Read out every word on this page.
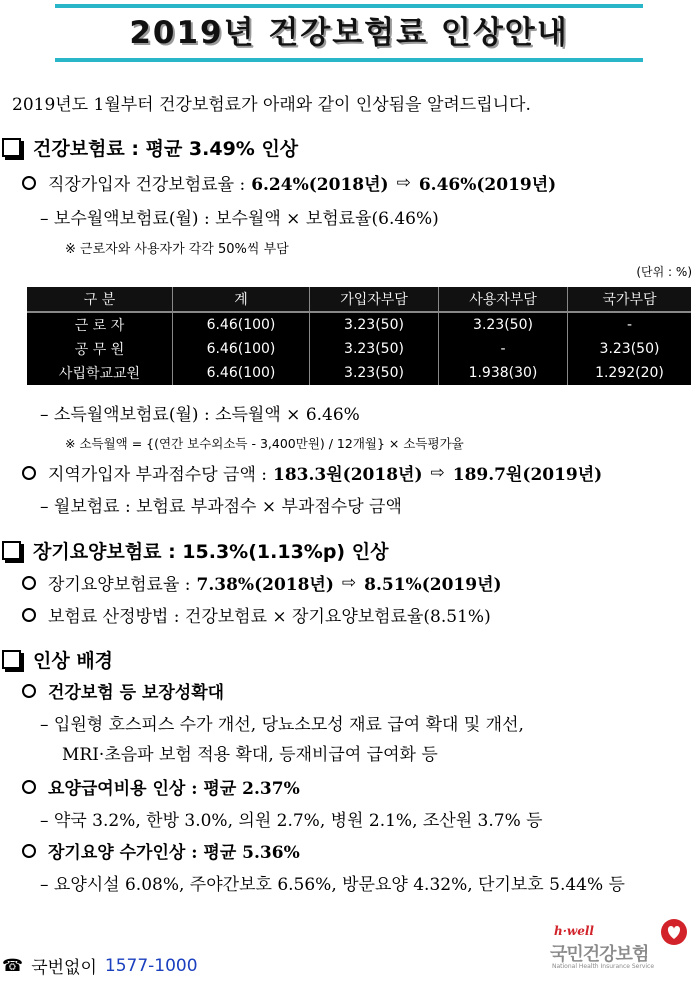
2019년 건강보험료 인상안내
2019년도 1월부터 건강보험료가 아래와 같이 인상됨을 알려드립니다.
건강보험료 : 평균 3.49% 인상
직장가입자 건강보험료율 : 6.24%(2018년) ⇨ 6.46%(2019년)
– 보수월액보험료(월) : 보수월액 × 보험료율(6.46%)
※ 근로자와 사용자가 각각 50%씩 부담
(단위 : %)
구 분	계	가입자부담	사용자부담	국가부담
근 로 자	6.46(100)	3.23(50)	3.23(50)	-
공 무 원	6.46(100)	3.23(50)	-	3.23(50)
사립학교교원	6.46(100)	3.23(50)	1.938(30)	1.292(20)
– 소득월액보험료(월) : 소득월액 × 6.46%
※ 소득월액 = {(연간 보수외소득 - 3,400만원) / 12개월} × 소득평가율
지역가입자 부과점수당 금액 : 183.3원(2018년) ⇨ 189.7원(2019년)
– 월보험료 : 보험료 부과점수 × 부과점수당 금액
장기요양보험료 : 15.3%(1.13%p) 인상
장기요양보험료율 : 7.38%(2018년) ⇨ 8.51%(2019년)
보험료 산정방법 : 건강보험료 × 장기요양보험료율(8.51%)
인상 배경
건강보험 등 보장성확대
– 입원형 호스피스 수가 개선, 당뇨소모성 재료 급여 확대 및 개선,
MRI·초음파 보험 적용 확대, 등재비급여 급여화 등
요양급여비용 인상 : 평균 2.37%
– 약국 3.2%, 한방 3.0%, 의원 2.7%, 병원 2.1%, 조산원 3.7% 등
장기요양 수가인상 : 평균 5.36%
– 요양시설 6.08%, 주야간보호 6.56%, 방문요양 4.32%, 단기보호 5.44% 등
☎ 국번없이 1577-1000
h·well
국민건강보험
National Health Insurance Service
